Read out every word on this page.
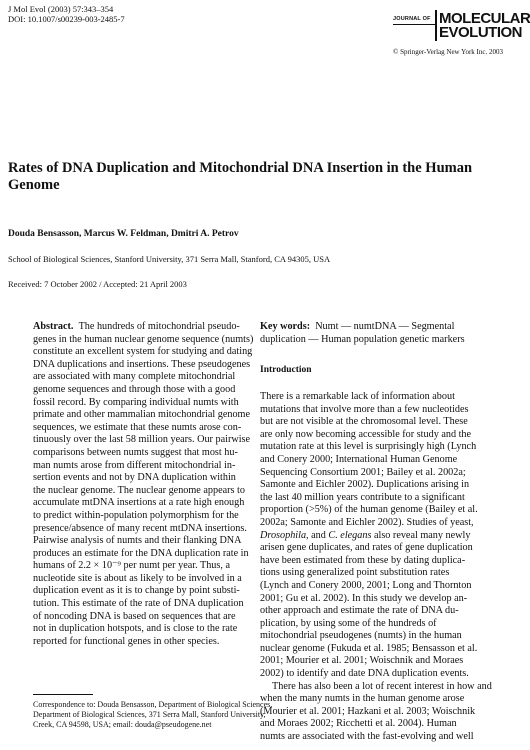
J Mol Evol (2003) 57:343–354
DOI: 10.1007/s00239-003-2485-7	JOURNAL OF MOLECULAR
EVOLUTION
© Springer-Verlag New York Inc. 2003
Rates of DNA Duplication and Mitochondrial DNA Insertion in the Human
Genome
Douda Bensasson, Marcus W. Feldman, Dmitri A. Petrov
School of Biological Sciences, Stanford University, 371 Serra Mall, Stanford, CA 94305, USA
Received: 7 October 2002 / Accepted: 21 April 2003
Abstract. The hundreds of mitochondrial pseudo-
genes in the human nuclear genome sequence (numts)
constitute an excellent system for studying and dating
DNA duplications and insertions. These pseudogenes
are associated with many complete mitochondrial
genome sequences and through those with a good
fossil record. By comparing individual numts with
primate and other mammalian mitochondrial genome
sequences, we estimate that these numts arose con-
tinuously over the last 58 million years. Our pairwise
comparisons between numts suggest that most hu-
man numts arose from different mitochondrial in-
sertion events and not by DNA duplication within
the nuclear genome. The nuclear genome appears to
accumulate mtDNA insertions at a rate high enough
to predict within-population polymorphism for the
presence/absence of many recent mtDNA insertions.
Pairwise analysis of numts and their flanking DNA
produces an estimate for the DNA duplication rate in
humans of 2.2 × 10⁻⁹ per numt per year. Thus, a
nucleotide site is about as likely to be involved in a
duplication event as it is to change by point substi-
tution. This estimate of the rate of DNA duplication
of noncoding DNA is based on sequences that are
not in duplication hotspots, and is close to the rate
reported for functional genes in other species.
Key words: Numt — numtDNA — Segmental
duplication — Human population genetic markers
Introduction
There is a remarkable lack of information about
mutations that involve more than a few nucleotides
but are not visible at the chromosomal level. These
are only now becoming accessible for study and the
mutation rate at this level is surprisingly high (Lynch
and Conery 2000; International Human Genome
Sequencing Consortium 2001; Bailey et al. 2002a;
Samonte and Eichler 2002). Duplications arising in
the last 40 million years contribute to a significant
proportion (>5%) of the human genome (Bailey et al.
2002a; Samonte and Eichler 2002). Studies of yeast,
Drosophila, and C. elegans also reveal many newly
arisen gene duplicates, and rates of gene duplication
have been estimated from these by dating duplica-
tions using generalized point substitution rates
(Lynch and Conery 2000, 2001; Long and Thornton
2001; Gu et al. 2002). In this study we develop an-
other approach and estimate the rate of DNA du-
plication, by using some of the hundreds of
mitochondrial pseudogenes (numts) in the human
nuclear genome (Fukuda et al. 1985; Bensasson et al.
2001; Mourier et al. 2001; Woischnik and Moraes
2002) to identify and date DNA duplication events.
There has also been a lot of recent interest in how and
when the many numts in the human genome arose
(Mourier et al. 2001; Hazkani et al. 2003; Woischnik
and Moraes 2002; Ricchetti et al. 2004). Human
numts are associated with the fast-evolving and well
Correspondence to: Douda Bensasson, Department of Biological Sciences,
Department of Biological Sciences, 371 Serra Mall, Stanford University,
Creek, CA 94598, USA; email: douda@pseudogene.net
